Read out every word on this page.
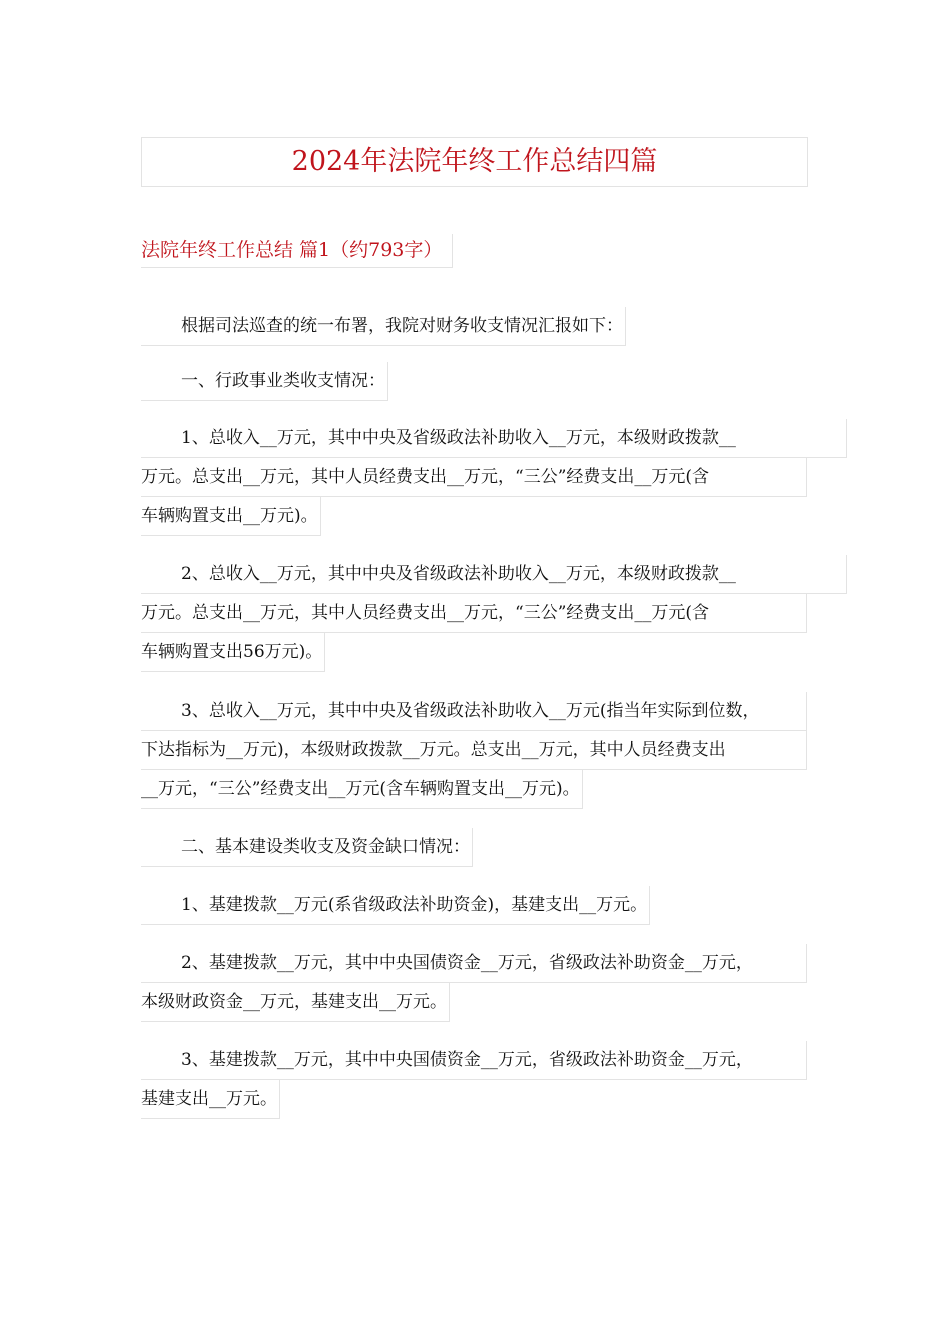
2024年法院年终工作总结四篇
法院年终工作总结 篇1（约793字）
根据司法巡查的统一布署，我院对财务收支情况汇报如下：
一、行政事业类收支情况：
1、总收入__万元，其中中央及省级政法补助收入__万元，本级财政拨款__
万元。总支出__万元，其中人员经费支出__万元，“三公”经费支出__万元(含
车辆购置支出__万元)。
2、总收入__万元，其中中央及省级政法补助收入__万元，本级财政拨款__
万元。总支出__万元，其中人员经费支出__万元，“三公”经费支出__万元(含
车辆购置支出56万元)。
3、总收入__万元，其中中央及省级政法补助收入__万元(指当年实际到位数，
下达指标为__万元)，本级财政拨款__万元。总支出__万元，其中人员经费支出
__万元，“三公”经费支出__万元(含车辆购置支出__万元)。
二、基本建设类收支及资金缺口情况：
1、基建拨款__万元(系省级政法补助资金)，基建支出__万元。
2、基建拨款__万元，其中中央国债资金__万元，省级政法补助资金__万元，
本级财政资金__万元，基建支出__万元。
3、基建拨款__万元，其中中央国债资金__万元，省级政法补助资金__万元，
基建支出__万元。
